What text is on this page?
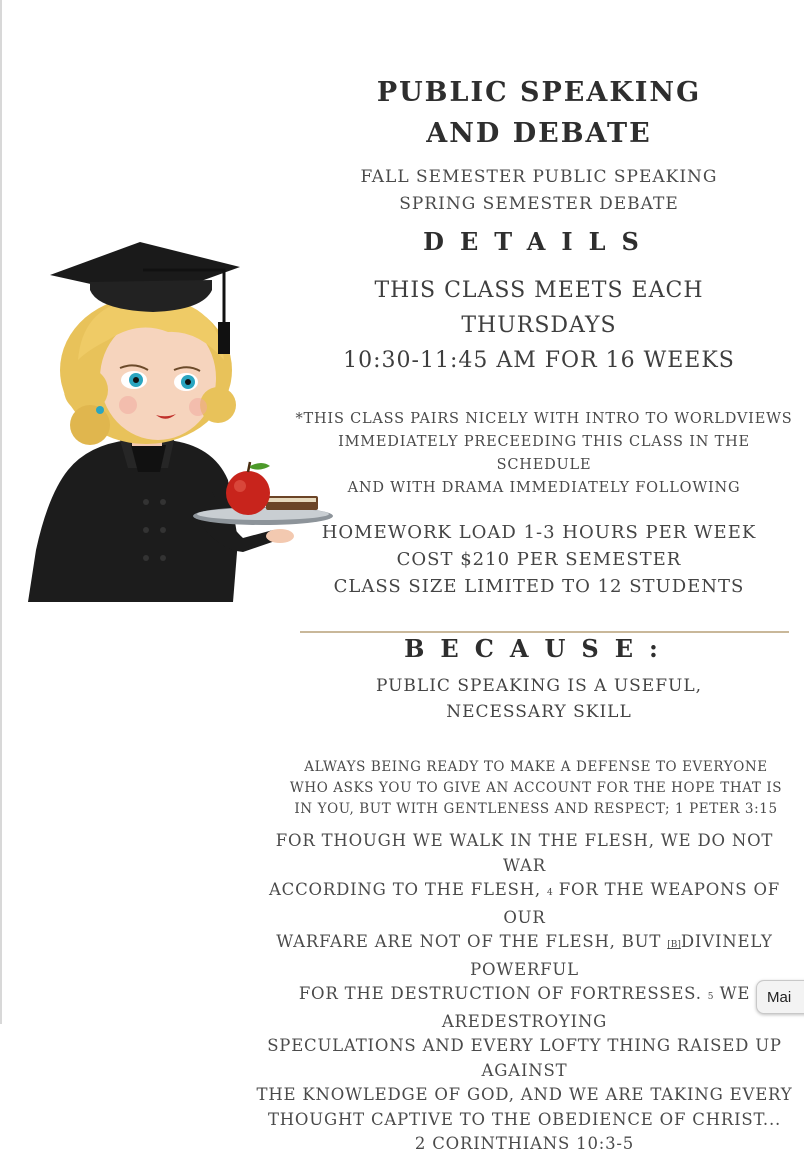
PUBLIC SPEAKING
AND DEBATE
FALL SEMESTER PUBLIC SPEAKING
SPRING SEMESTER DEBATE
DETAILS
THIS CLASS MEETS EACH
THURSDAYS
10:30-11:45 AM FOR 16 WEEKS
*THIS CLASS PAIRS NICELY WITH INTRO TO WORLDVIEWS
IMMEDIATELY PRECEEDING THIS CLASS IN THE SCHEDULE
AND WITH DRAMA IMMEDIATELY FOLLOWING
HOMEWORK LOAD 1-3 HOURS PER WEEK
COST $210 PER SEMESTER
CLASS SIZE LIMITED TO 12 STUDENTS
BECAUSE:
PUBLIC SPEAKING IS A USEFUL,
NECESSARY SKILL
ALWAYS BEING READY TO MAKE A DEFENSE TO EVERYONE
WHO ASKS YOU TO GIVE AN ACCOUNT FOR THE HOPE THAT IS
IN YOU, BUT WITH GENTLENESS AND RESPECT; 1 PETER 3:15
FOR THOUGH WE WALK IN THE FLESH, WE DO NOT WAR
ACCORDING TO THE FLESH, 4 FOR THE WEAPONS OF OUR
WARFARE ARE NOT OF THE FLESH, BUT [B]DIVINELY POWERFUL
FOR THE DESTRUCTION OF FORTRESSES. 5 WE AREDESTROYING
SPECULATIONS AND EVERY LOFTY THING RAISED UP AGAINST
THE KNOWLEDGE OF GOD, AND WE ARE TAKING EVERY
THOUGHT CAPTIVE TO THE OBEDIENCE OF CHRIST...
2 CORINTHIANS 10:3-5
Mai
